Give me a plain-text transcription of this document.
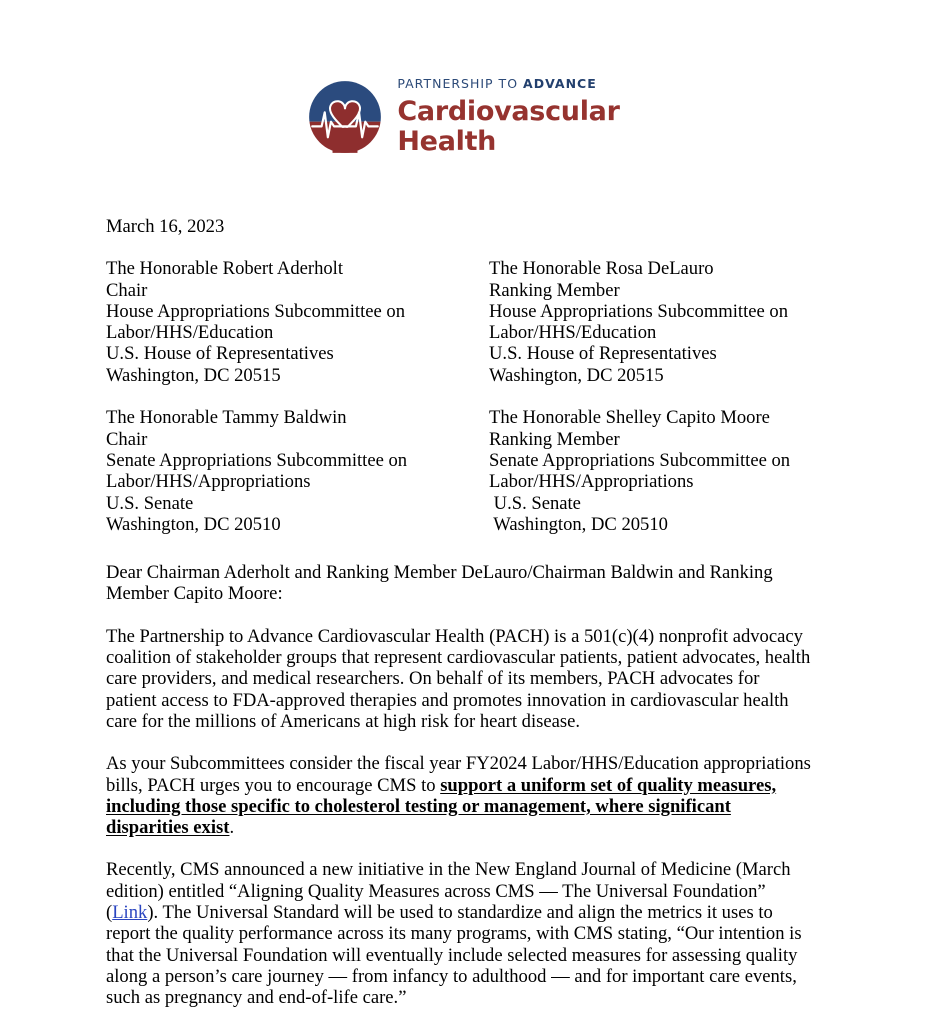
PARTNERSHIP TO ADVANCE
Cardiovascular
Health

March 16, 2023

The Honorable Robert Aderholt
Chair
House Appropriations Subcommittee on
Labor/HHS/Education
U.S. House of Representatives
Washington, DC 20515
The Honorable Rosa DeLauro
Ranking Member
House Appropriations Subcommittee on
Labor/HHS/Education
U.S. House of Representatives
Washington, DC 20515
The Honorable Tammy Baldwin
Chair
Senate Appropriations Subcommittee on
Labor/HHS/Appropriations
U.S. Senate
Washington, DC 20510
The Honorable Shelley Capito Moore
Ranking Member
Senate Appropriations Subcommittee on
Labor/HHS/Appropriations
U.S. Senate
Washington, DC 20510

Dear Chairman Aderholt and Ranking Member DeLauro/Chairman Baldwin and Ranking Member Capito Moore:

The Partnership to Advance Cardiovascular Health (PACH) is a 501(c)(4) nonprofit advocacy coalition of stakeholder groups that represent cardiovascular patients, patient advocates, health care providers, and medical researchers. On behalf of its members, PACH advocates for patient access to FDA-approved therapies and promotes innovation in cardiovascular health care for the millions of Americans at high risk for heart disease.

As your Subcommittees consider the fiscal year FY2024 Labor/HHS/Education appropriations bills, PACH urges you to encourage CMS to support a uniform set of quality measures, including those specific to cholesterol testing or management, where significant disparities exist.

Recently, CMS announced a new initiative in the New England Journal of Medicine (March edition) entitled “Aligning Quality Measures across CMS — The Universal Foundation” (Link). The Universal Standard will be used to standardize and align the metrics it uses to report the quality performance across its many programs, with CMS stating, “Our intention is that the Universal Foundation will eventually include selected measures for assessing quality along a person’s care journey — from infancy to adulthood — and for important care events, such as pregnancy and end-of-life care.”
